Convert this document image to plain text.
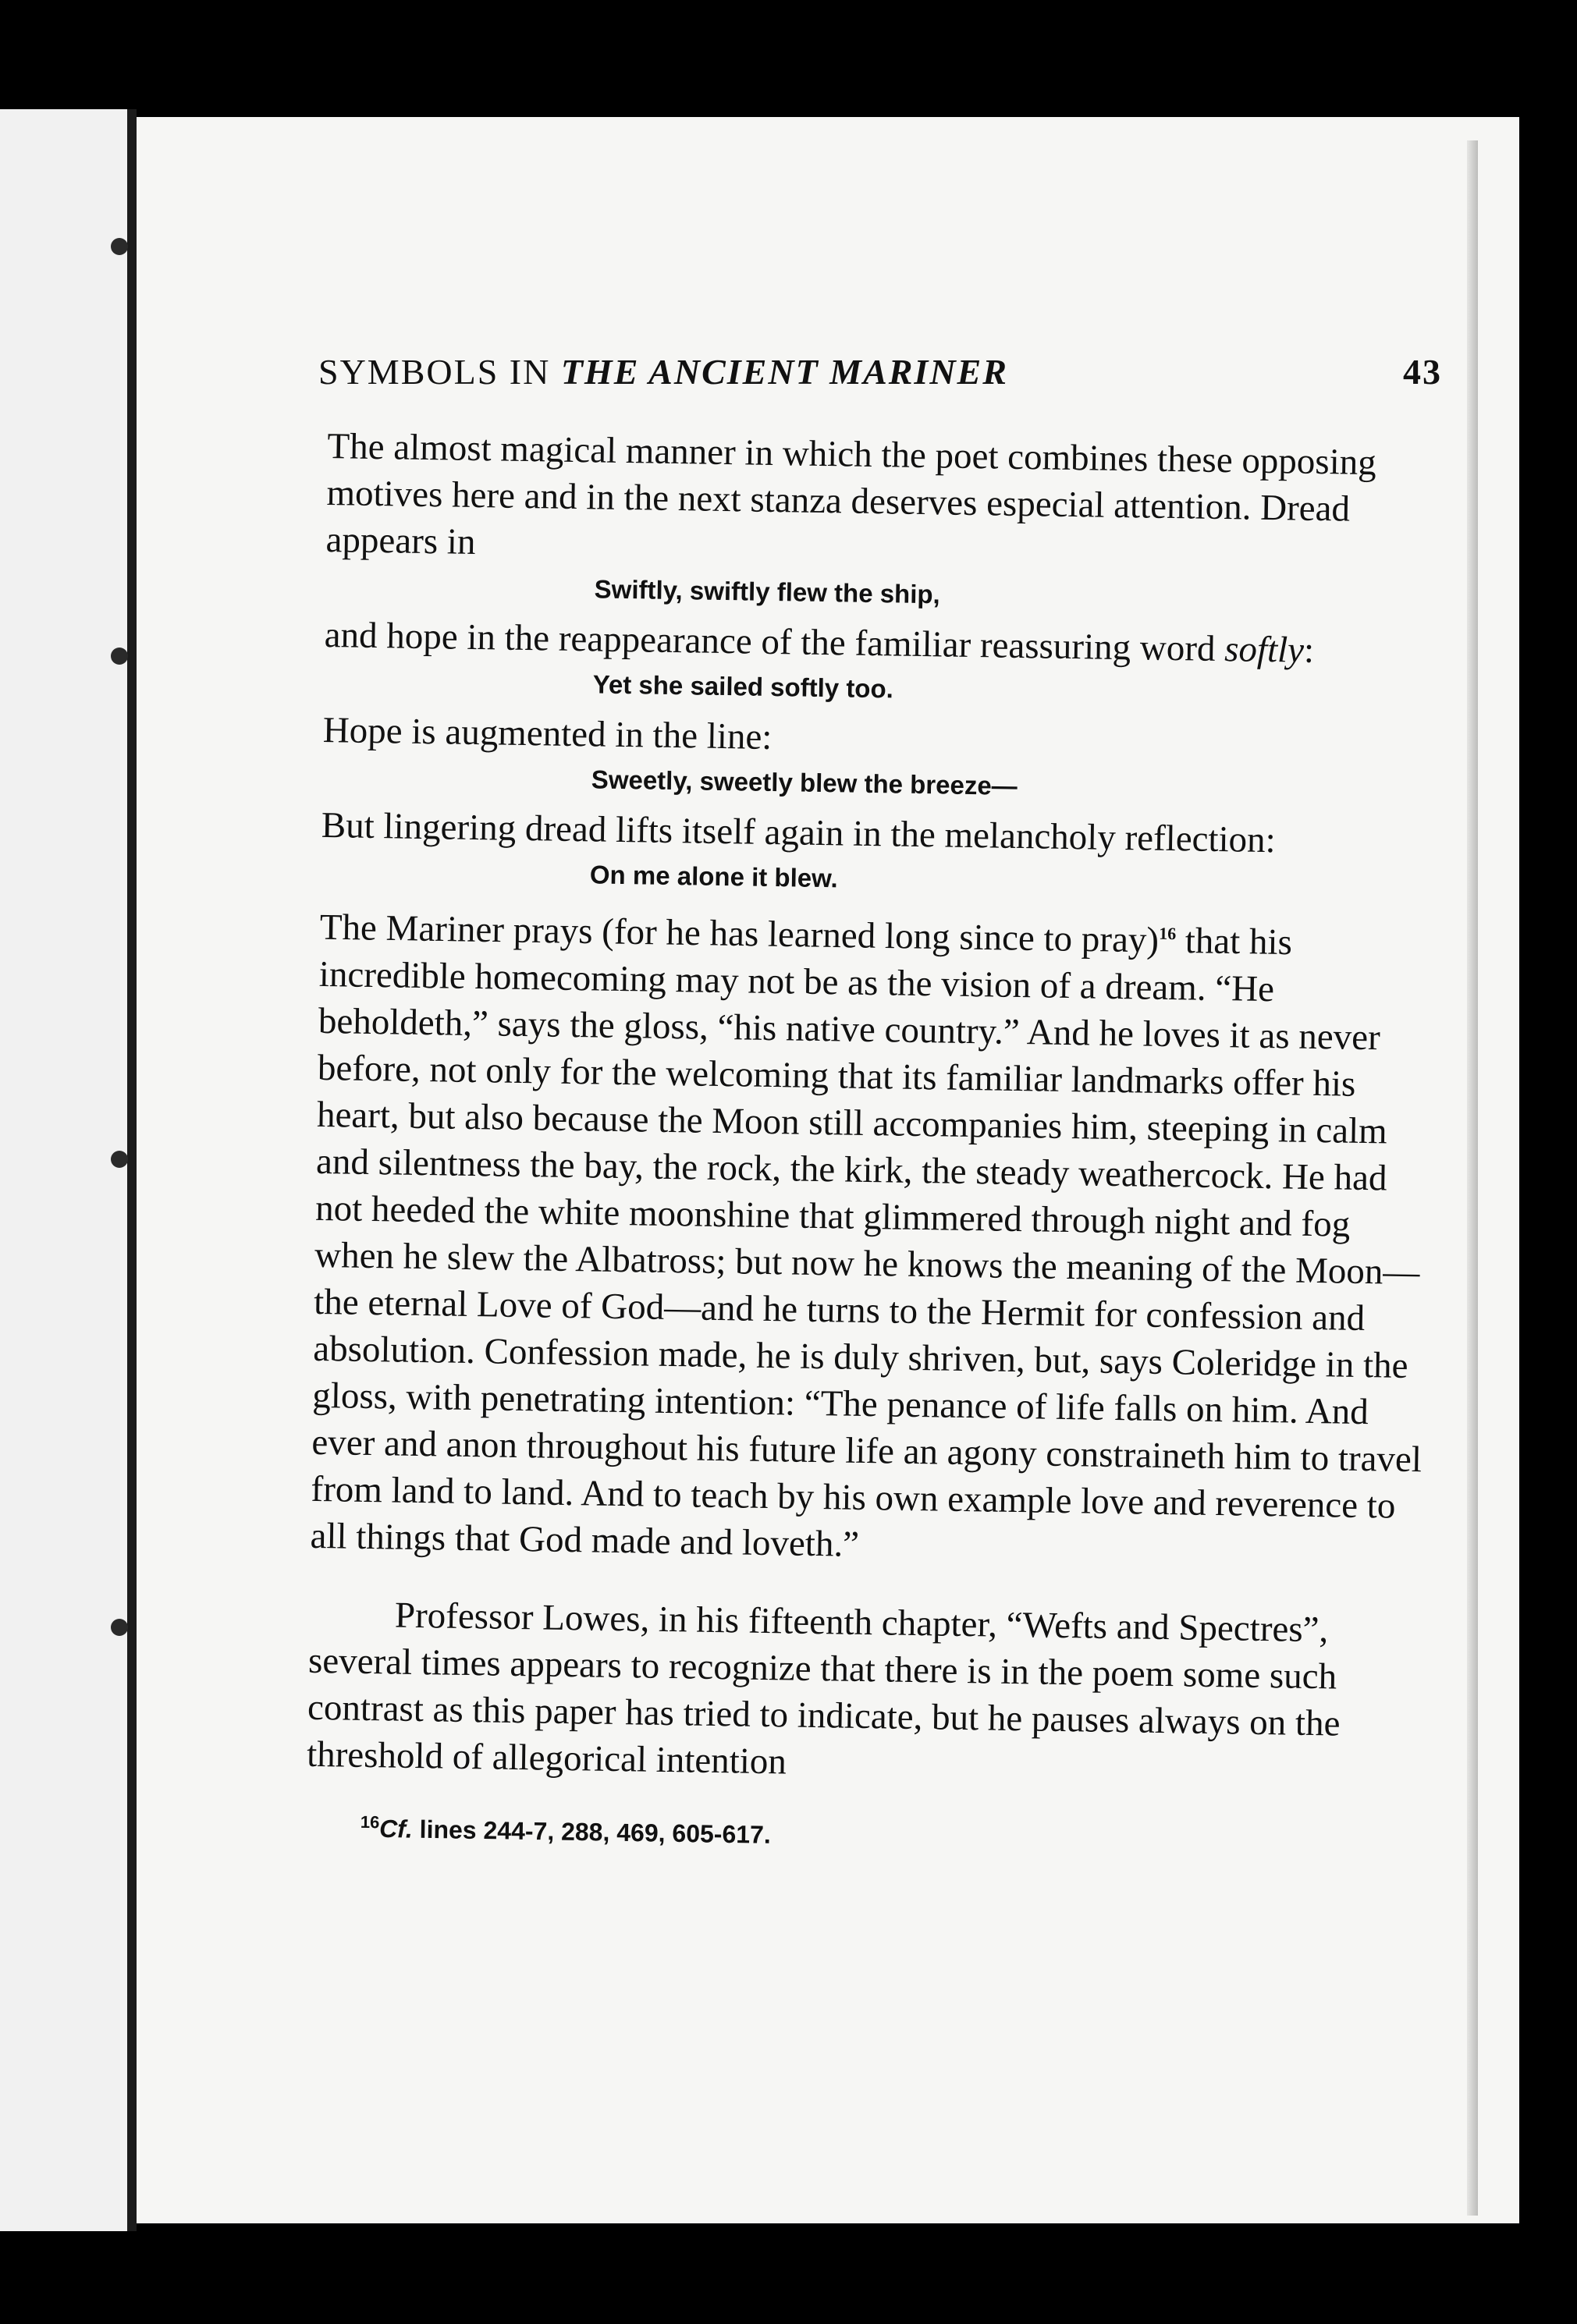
SYMBOLS IN THE ANCIENT MARINER	43

The almost magical manner in which the poet combines these opposing motives here and in the next stanza deserves especial attention. Dread appears in

Swiftly, swiftly flew the ship,

and hope in the reappearance of the familiar reassuring word softly:

Yet she sailed softly too.

Hope is augmented in the line:

Sweetly, sweetly blew the breeze—

But lingering dread lifts itself again in the melancholy reflection:

On me alone it blew.

The Mariner prays (for he has learned long since to pray)$^{16}$ that his incredible homecoming may not be as the vision of a dream. “He beholdeth,” says the gloss, “his native country.” And he loves it as never before, not only for the welcoming that its familiar landmarks offer his heart, but also because the Moon still accompanies him, steeping in calm and silentness the bay, the rock, the kirk, the steady weathercock. He had not heeded the white moonshine that glimmered through night and fog when he slew the Albatross; but now he knows the meaning of the Moon—the eternal Love of God—and he turns to the Hermit for confession and absolution. Confession made, he is duly shriven, but, says Coleridge in the gloss, with penetrating intention: “The penance of life falls on him. And ever and anon throughout his future life an agony constraineth him to travel from land to land. And to teach by his own example love and reverence to all things that God made and loveth.”

Professor Lowes, in his fifteenth chapter, “Wefts and Spectres”, several times appears to recognize that there is in the poem some such contrast as this paper has tried to indicate, but he pauses always on the threshold of allegorical intention

$^{16}$Cf. lines 244-7, 288, 469, 605-617.
